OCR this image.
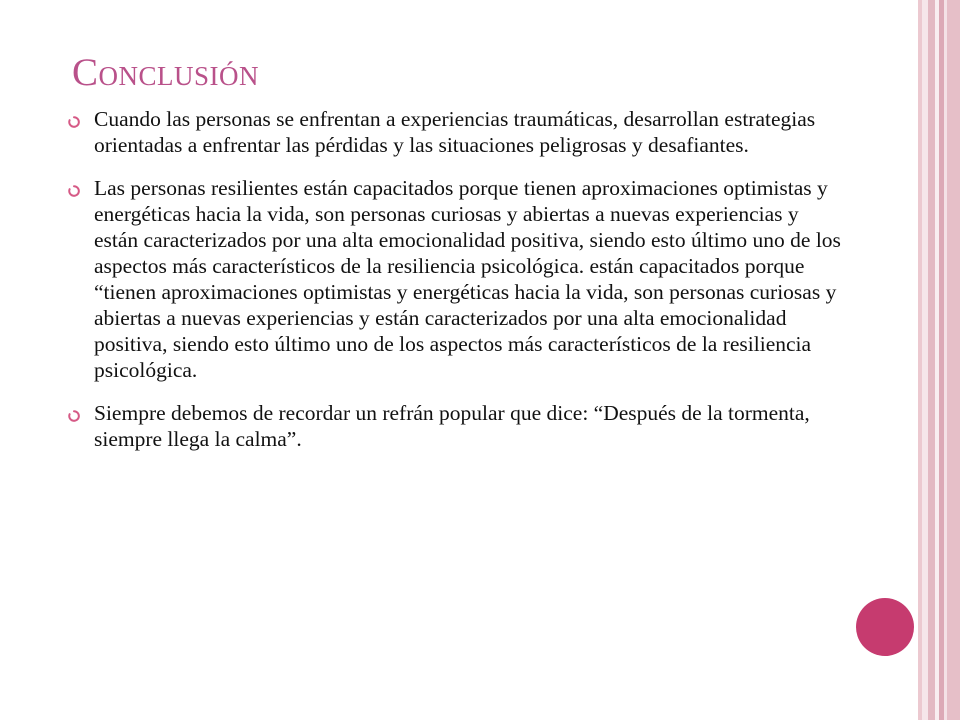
Conclusión
Cuando las personas se enfrentan a experiencias traumáticas, desarrollan estrategias orientadas a enfrentar las pérdidas y las situaciones peligrosas y desafiantes.
Las personas resilientes están capacitados porque tienen aproximaciones optimistas y energéticas hacia la vida, son personas curiosas y abiertas a nuevas experiencias y están caracterizados por una alta emocionalidad positiva, siendo esto último uno de los aspectos más característicos de la resiliencia psicológica. están capacitados porque “tienen aproximaciones optimistas y energéticas hacia la vida, son personas curiosas y abiertas a nuevas experiencias y están caracterizados por una alta emocionalidad positiva, siendo esto último uno de los aspectos más característicos de la resiliencia psicológica.
Siempre debemos de recordar un refrán popular que dice: “Después de la tormenta, siempre llega la calma”.
